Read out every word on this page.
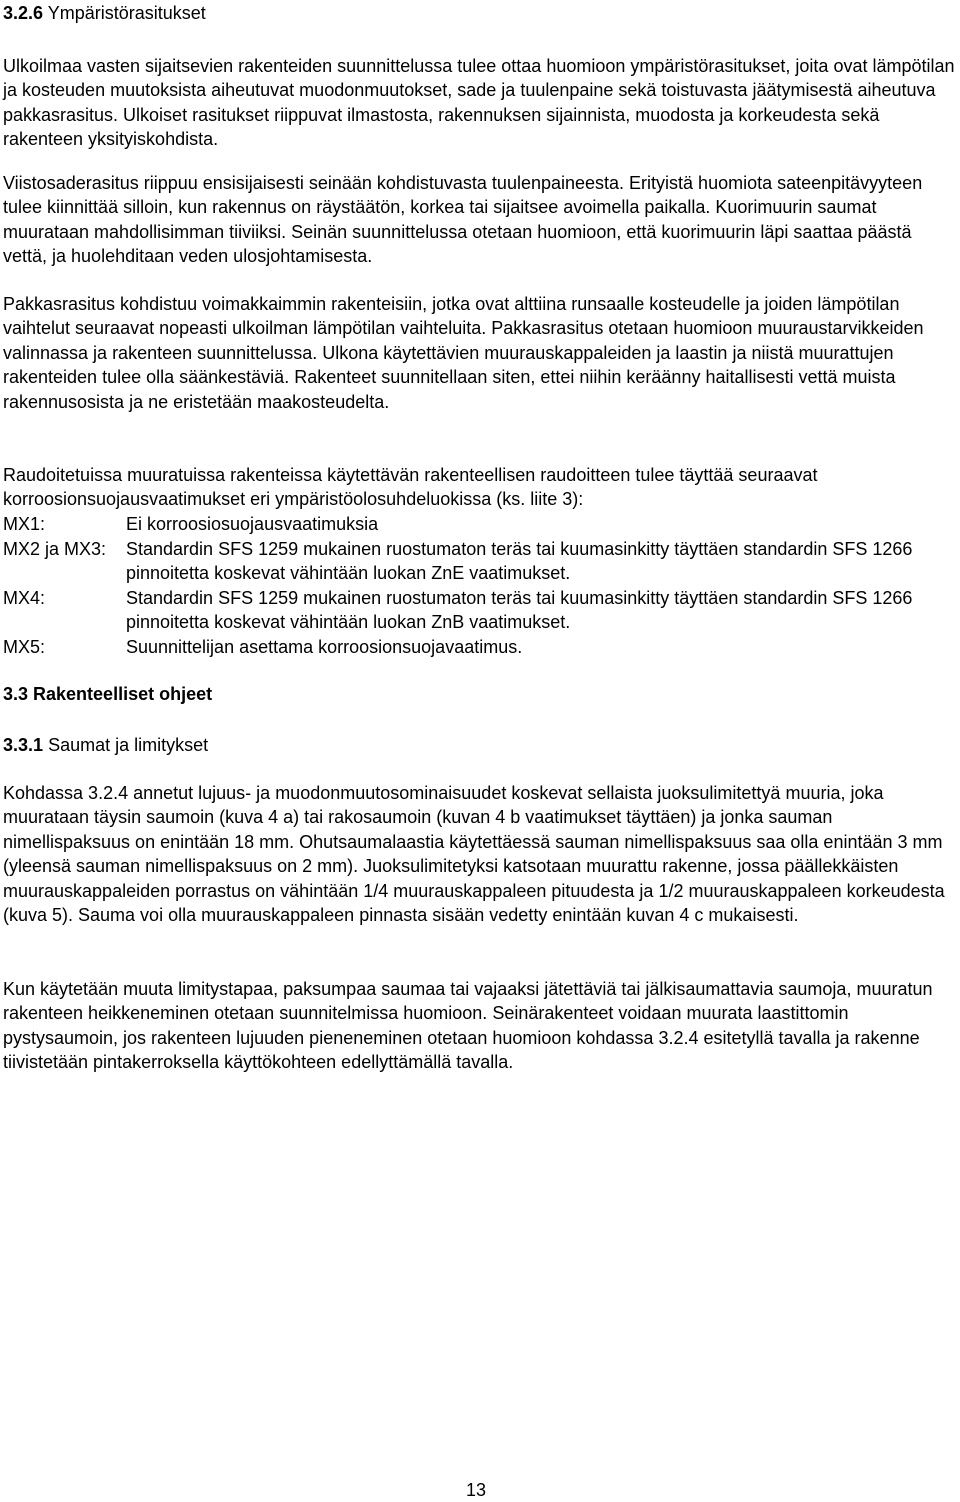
3.2.6 Ympäristörasitukset

Ulkoilmaa vasten sijaitsevien rakenteiden suunnittelussa tulee ottaa huomioon ympäristörasitukset, joita ovat lämpötilan ja kosteuden muutoksista aiheutuvat muodonmuutokset, sade ja tuulenpaine sekä toistuvasta jäätymisestä aiheutuva pakkasrasitus. Ulkoiset rasitukset riippuvat ilmastosta, rakennuksen sijainnista, muodosta ja korkeudesta sekä rakenteen yksityiskohdista.

Viistosaderasitus riippuu ensisijaisesti seinään kohdistuvasta tuulenpaineesta. Erityistä huomiota sateenpitävyyteen tulee kiinnittää silloin, kun rakennus on räystäätön, korkea tai sijaitsee avoimella paikalla. Kuorimuurin saumat muurataan mahdollisimman tiiviiksi. Seinän suunnittelussa otetaan huomioon, että kuorimuurin läpi saattaa päästä vettä, ja huolehditaan veden ulosjohtamisesta.

Pakkasrasitus kohdistuu voimakkaimmin rakenteisiin, jotka ovat alttiina runsaalle kosteudelle ja joiden lämpötilan vaihtelut seuraavat nopeasti ulkoilman lämpötilan vaihteluita. Pakkasrasitus otetaan huomioon muuraustarvikkeiden valinnassa ja rakenteen suunnittelussa. Ulkona käytettävien muurauskappaleiden ja laastin ja niistä muurattujen rakenteiden tulee olla säänkestäviä. Rakenteet suunnitellaan siten, ettei niihin keräänny haitallisesti vettä muista rakennusosista ja ne eristetään maakosteudelta.

Raudoitetuissa muuratuissa rakenteissa käytettävän rakenteellisen raudoitteen tulee täyttää seuraavat korroosionsuojausvaatimukset eri ympäristöolosuhdeluokissa (ks. liite 3):

MX1:	Ei korroosiosuojausvaatimuksia
MX2 ja MX3:	Standardin SFS 1259 mukainen ruostumaton teräs tai kuumasinkitty täyttäen standardin SFS 1266 pinnoitetta koskevat vähintään luokan ZnE vaatimukset.
MX4:	Standardin SFS 1259 mukainen ruostumaton teräs tai kuumasinkitty täyttäen standardin SFS 1266 pinnoitetta koskevat vähintään luokan ZnB vaatimukset.
MX5:	Suunnittelijan asettama korroosionsuojavaatimus.
3.3 Rakenteelliset ohjeet
3.3.1 Saumat ja limitykset

Kohdassa 3.2.4 annetut lujuus- ja muodonmuutosominaisuudet koskevat sellaista juoksulimitettyä muuria, joka muurataan täysin saumoin (kuva 4 a) tai rakosaumoin (kuvan 4 b vaatimukset täyttäen) ja jonka sauman nimellispaksuus on enintään 18 mm. Ohutsaumalaastia käytettäessä sauman nimellispaksuus saa olla enintään 3 mm (yleensä sauman nimellispaksuus on 2 mm). Juoksulimitetyksi katsotaan muurattu rakenne, jossa päällekkäisten muurauskappaleiden porrastus on vähintään 1/4 muurauskappaleen pituudesta ja 1/2 muurauskappaleen korkeudesta (kuva 5). Sauma voi olla muurauskappaleen pinnasta sisään vedetty enintään kuvan 4 c mukaisesti.

Kun käytetään muuta limitystapaa, paksumpaa saumaa tai vajaaksi jätettäviä tai jälkisaumattavia saumoja, muuratun rakenteen heikkeneminen otetaan suunnitelmissa huomioon. Seinärakenteet voidaan muurata laastittomin pystysaumoin, jos rakenteen lujuuden pieneneminen otetaan huomioon kohdassa 3.2.4 esitetyllä tavalla ja rakenne tiivistetään pintakerroksella käyttökohteen edellyttämällä tavalla.

13
